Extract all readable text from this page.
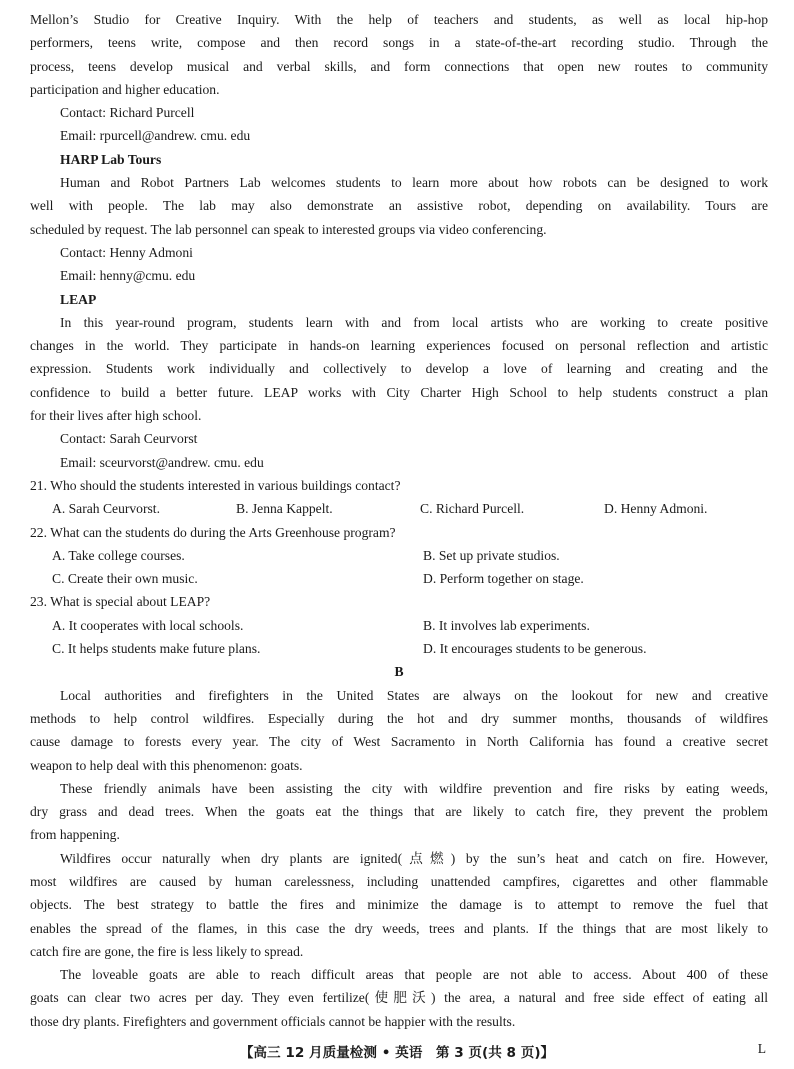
Mellon’s Studio for Creative Inquiry. With the help of teachers and students, as well as local hip-hop

performers, teens write, compose and then record songs in a state-of-the-art recording studio. Through the

process, teens develop musical and verbal skills, and form connections that open new routes to community

participation and higher education.

Contact: Richard Purcell

Email: rpurcell@andrew. cmu. edu

HARP Lab Tours

Human and Robot Partners Lab welcomes students to learn more about how robots can be designed to work

well with people. The lab may also demonstrate an assistive robot, depending on availability. Tours are

scheduled by request. The lab personnel can speak to interested groups via video conferencing.

Contact: Henny Admoni

Email: henny@cmu. edu

LEAP

In this year-round program, students learn with and from local artists who are working to create positive

changes in the world. They participate in hands-on learning experiences focused on personal reflection and artistic

expression. Students work individually and collectively to develop a love of learning and creating and the

confidence to build a better future. LEAP works with City Charter High School to help students construct a plan

for their lives after high school.

Contact: Sarah Ceurvorst

Email: sceurvorst@andrew. cmu. edu

21. Who should the students interested in various buildings contact?

A. Sarah Ceurvorst.	B. Jenna Kappelt.	C. Richard Purcell.	D. Henny Admoni.

22. What can the students do during the Arts Greenhouse program?

A. Take college courses.	B. Set up private studios.
C. Create their own music.	D. Perform together on stage.

23. What is special about LEAP?

A. It cooperates with local schools.	B. It involves lab experiments.
C. It helps students make future plans.	D. It encourages students to be generous.

B

Local authorities and firefighters in the United States are always on the lookout for new and creative

methods to help control wildfires. Especially during the hot and dry summer months, thousands of wildfires

cause damage to forests every year. The city of West Sacramento in North California has found a creative secret

weapon to help deal with this phenomenon: goats.

These friendly animals have been assisting the city with wildfire prevention and fire risks by eating weeds,

dry grass and dead trees. When the goats eat the things that are likely to catch fire, they prevent the problem

from happening.

Wildfires occur naturally when dry plants are ignited(点燃) by the sun’s heat and catch on fire. However,

most wildfires are caused by human carelessness, including unattended campfires, cigarettes and other flammable

objects. The best strategy to battle the fires and minimize the damage is to attempt to remove the fuel that

enables the spread of the flames, in this case the dry weeds, trees and plants. If the things that are most likely to

catch fire are gone, the fire is less likely to spread.

The loveable goats are able to reach difficult areas that people are not able to access. About 400 of these

goats can clear two acres per day. They even fertilize(使肥沃) the area, a natural and free side effect of eating all

those dry plants. Firefighters and government officials cannot be happier with the results.

【高三 12 月质量检测 • 英语　第 3 页(共 8 页)】	L
